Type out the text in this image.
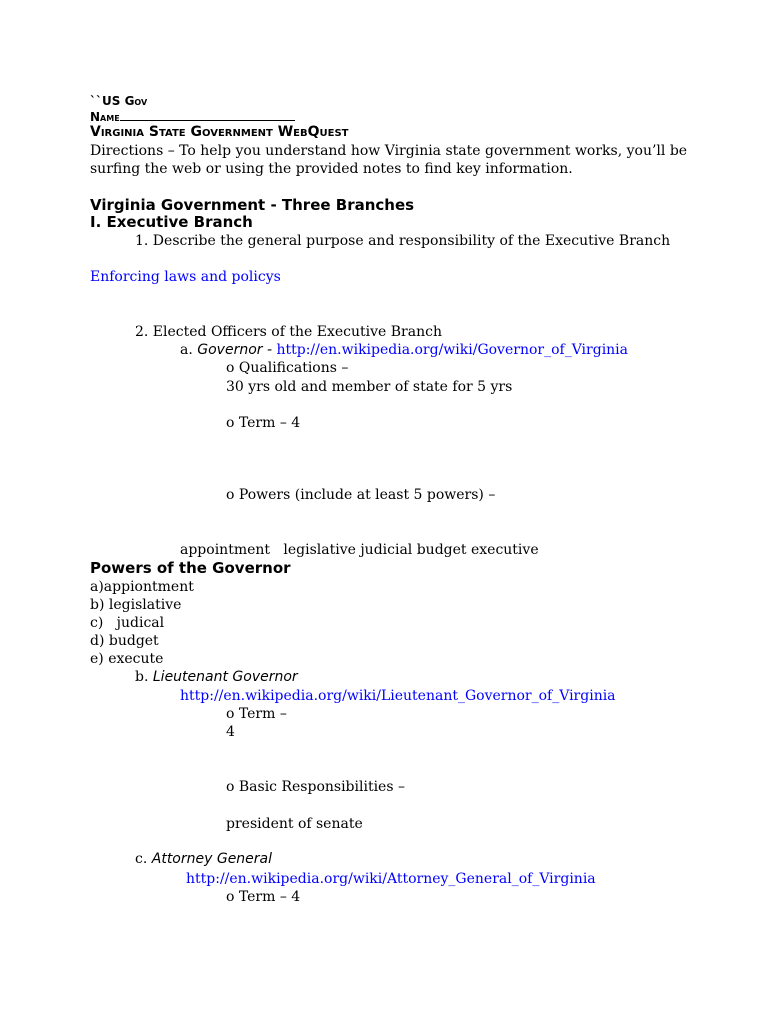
``US Gov
Name
Virginia State Government WebQuest
Directions – To help you understand how Virginia state government works, you’ll be
surfing the web or using the provided notes to find key information.
Virginia Government - Three Branches
I. Executive Branch
1. Describe the general purpose and responsibility of the Executive Branch
Enforcing laws and policys
2. Elected Officers of the Executive Branch
a. Governor - http://en.wikipedia.org/wiki/Governor_of_Virginia
o Qualifications –
30 yrs old and member of state for 5 yrs
o Term – 4
o Powers (include at least 5 powers) –
appointment   legislative judicial budget executive
Powers of the Governor
a)appiontment
b) legislative
c)   judical
d) budget
e) execute
b. Lieutenant Governor
http://en.wikipedia.org/wiki/Lieutenant_Governor_of_Virginia
o Term –
4
o Basic Responsibilities –
president of senate
c. Attorney General
http://en.wikipedia.org/wiki/Attorney_General_of_Virginia
o Term – 4
